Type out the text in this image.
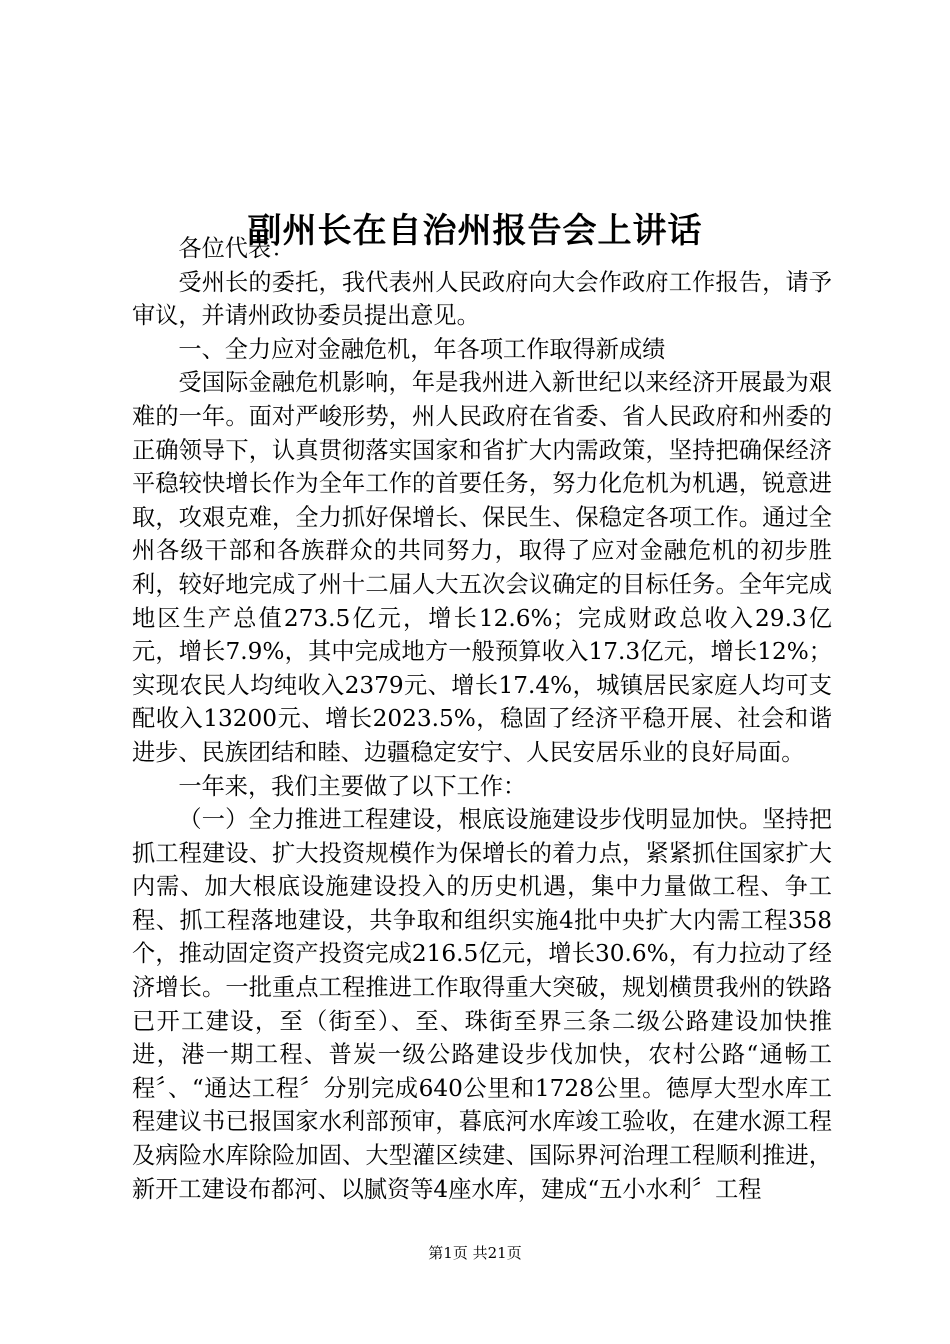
副州长在自治州报告会上讲话

各位代表：

受州长的委托，我代表州人民政府向大会作政府工作报告，请予审议，并请州政协委员提出意见。

一、全力应对金融危机，年各项工作取得新成绩

受国际金融危机影响，年是我州进入新世纪以来经济开展最为艰难的一年。面对严峻形势，州人民政府在省委、省人民政府和州委的正确领导下，认真贯彻落实国家和省扩大内需政策，坚持把确保经济平稳较快增长作为全年工作的首要任务，努力化危机为机遇，锐意进取，攻艰克难，全力抓好保增长、保民生、保稳定各项工作。通过全州各级干部和各族群众的共同努力，取得了应对金融危机的初步胜利，较好地完成了州十二届人大五次会议确定的目标任务。全年完成地区生产总值273.5亿元，增长12.6%；完成财政总收入29.3亿元，增长7.9%，其中完成地方一般预算收入17.3亿元，增长12%；实现农民人均纯收入2379元、增长17.4%，城镇居民家庭人均可支配收入13200元、增长2023.5%，稳固了经济平稳开展、社会和谐进步、民族团结和睦、边疆稳定安宁、人民安居乐业的良好局面。

一年来，我们主要做了以下工作：

（一）全力推进工程建设，根底设施建设步伐明显加快。坚持把抓工程建设、扩大投资规模作为保增长的着力点，紧紧抓住国家扩大内需、加大根底设施建设投入的历史机遇，集中力量做工程、争工程、抓工程落地建设，共争取和组织实施4批中央扩大内需工程358个，推动固定资产投资完成216.5亿元，增长30.6%，有力拉动了经济增长。一批重点工程推进工作取得重大突破，规划横贯我州的铁路已开工建设，至（街至）、至、珠街至界三条二级公路建设加快推进，港一期工程、普炭一级公路建设步伐加快，农村公路“通畅工程〞、“通达工程〞分别完成640公里和1728公里。德厚大型水库工程建议书已报国家水利部预审，暮底河水库竣工验收，在建水源工程及病险水库除险加固、大型灌区续建、国际界河治理工程顺利推进，新开工建设布都河、以腻资等4座水库，建成“五小水利〞工程

第1页 共21页
